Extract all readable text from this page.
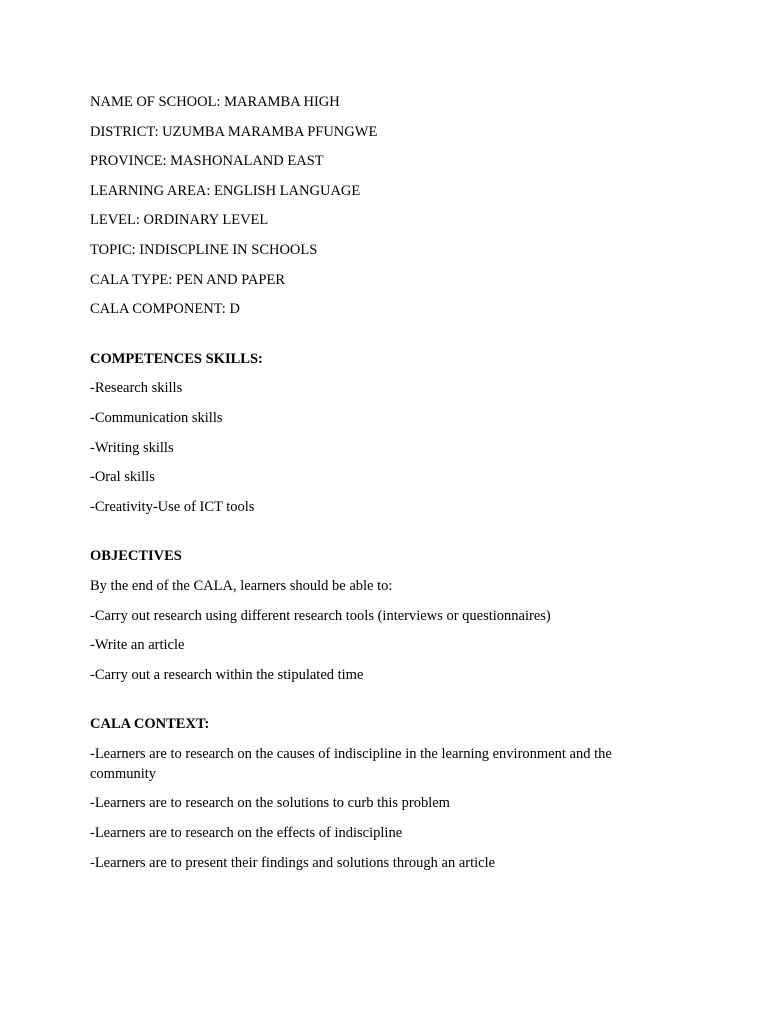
NAME OF SCHOOL: MARAMBA HIGH

DISTRICT: UZUMBA MARAMBA PFUNGWE

PROVINCE: MASHONALAND EAST

LEARNING AREA: ENGLISH LANGUAGE

LEVEL: ORDINARY LEVEL

TOPIC: INDISCPLINE IN SCHOOLS

CALA TYPE: PEN AND PAPER

CALA COMPONENT: D

COMPETENCES SKILLS:

-Research skills

-Communication skills

-Writing skills

-Oral skills

-Creativity-Use of ICT tools

OBJECTIVES

By the end of the CALA, learners should be able to:

-Carry out research using different research tools (interviews or questionnaires)

-Write an article

-Carry out a research within the stipulated time

CALA CONTEXT:

-Learners are to research on the causes of indiscipline in the learning environment and the community

-Learners are to research on the solutions to curb this problem

-Learners are to research on the effects of indiscipline

-Learners are to present their findings and solutions through an article
